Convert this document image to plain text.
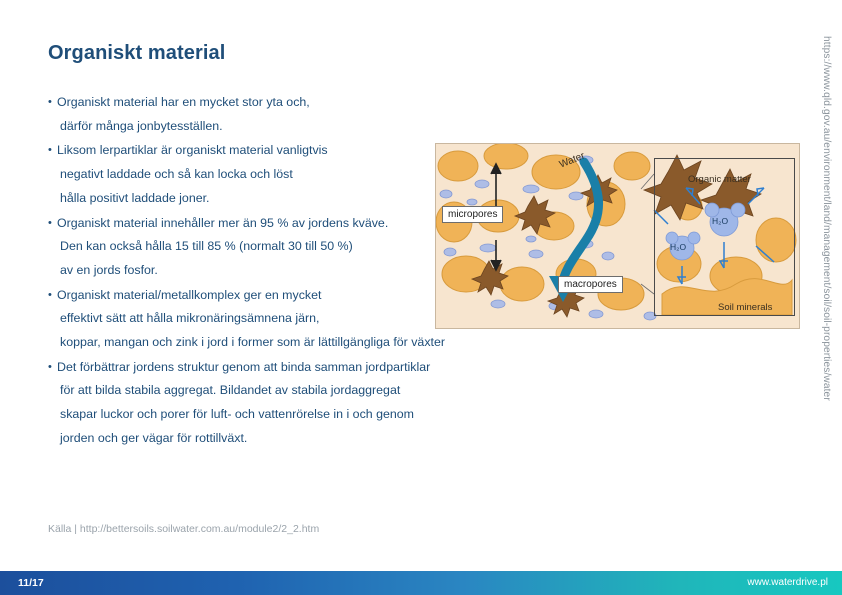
Organiskt material
• Organiskt material har en mycket stor yta och,
därför många jonbytesställen.
• Liksom lerpartiklar är organiskt material vanligtvis
negativt laddade och så kan locka och löst
hålla positivt laddade joner.
• Organiskt material innehåller mer än 95 % av jordens kväve.
Den kan också hålla 15 till 85 % (normalt 30 till 50 %)
av en jords fosfor.
• Organiskt material/metallkomplex ger en mycket
effektivt sätt att hålla mikronäringsämnena järn,
koppar, mangan och zink i jord i former som är lättillgängliga för växter
• Det förbättrar jordens struktur genom att binda samman jordpartiklar
för att bilda stabila aggregat. Bildandet av stabila jordaggregat
skapar luckor och porer för luft- och vattenrörelse in i och genom
jorden och ger vägar för rottillväxt.
Källa | http://bettersoils.soilwater.com.au/module2/2_2.htm
https://www.qld.gov.au/environment/land/management/soil/soil-properties/water
micropores
macropores
Water
Organic matter
Soil minerals
H₂O
H₂O
11/17	www.waterdrive.pl
